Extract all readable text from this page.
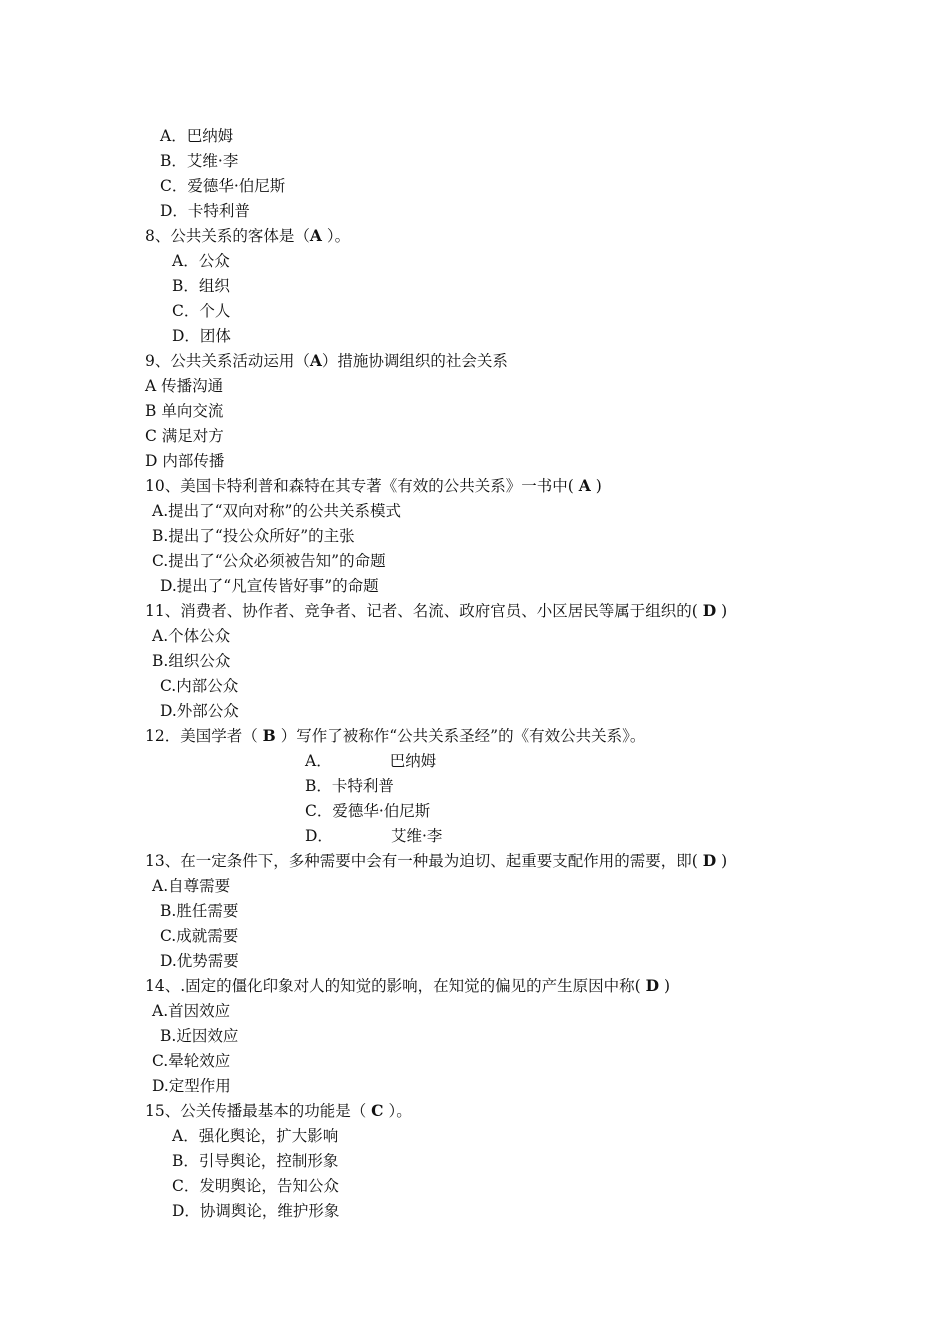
A．巴纳姆
B．艾维·李
C．爱德华·伯尼斯
D．卡特利普
8、公共关系的客体是（A ）。
A．公众
B．组织
C．个人
D．团体
9、公共关系活动运用（A）措施协调组织的社会关系
A 传播沟通
B 单向交流
C 满足对方
D 内部传播
10、美国卡特利普和森特在其专著《有效的公共关系》一书中( A )
A.提出了“双向对称”的公共关系模式
B.提出了“投公众所好”的主张
C.提出了“公众必须被告知”的命题
D.提出了“凡宣传皆好事”的命题
11、消费者、协作者、竞争者、记者、名流、政府官员、小区居民等属于组织的( D )
A.个体公众
B.组织公众
C.内部公众
D.外部公众
12．美国学者（ B ）写作了被称作“公共关系圣经”的《有效公共关系》。
A．	巴纳姆
B．卡特利普
C．爱德华·伯尼斯
D．	艾维·李
13、在一定条件下，多种需要中会有一种最为迫切、起重要支配作用的需要，即( D )
A.自尊需要
B.胜任需要
C.成就需要
D.优势需要
14、.固定的僵化印象对人的知觉的影响，在知觉的偏见的产生原因中称( D )
A.首因效应
B.近因效应
C.晕轮效应
D.定型作用
15、公关传播最基本的功能是（ C ）。
A．强化舆论，扩大影响
B．引导舆论，控制形象
C．发明舆论，告知公众
D．协调舆论，维护形象
